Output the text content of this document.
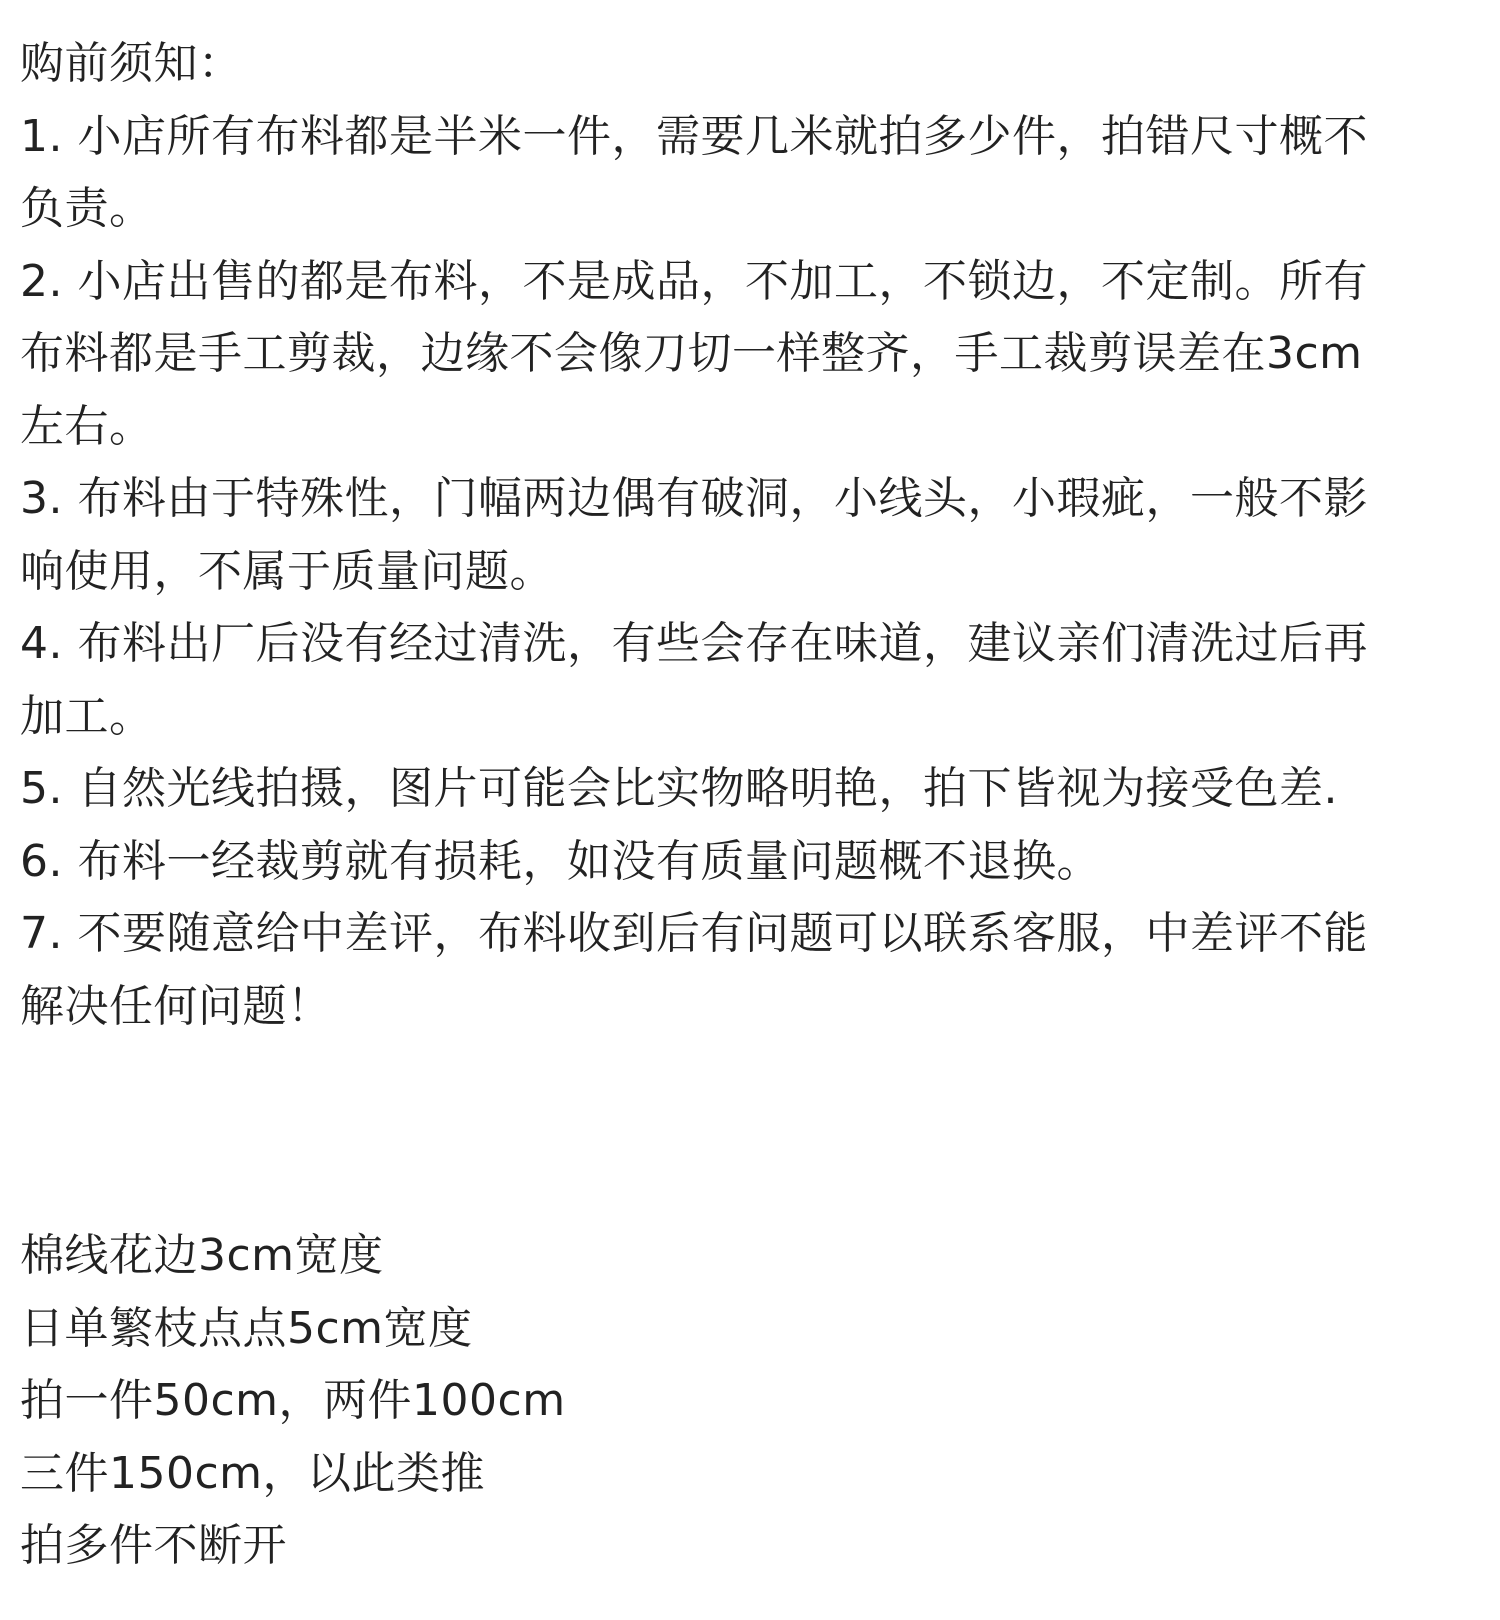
购前须知：
1. 小店所有布料都是半米一件，需要几米就拍多少件，拍错尺寸概不
负责。
2. 小店出售的都是布料，不是成品，不加工，不锁边，不定制。所有
布料都是手工剪裁，边缘不会像刀切一样整齐，手工裁剪误差在3cm
左右。
3. 布料由于特殊性，门幅两边偶有破洞，小线头，小瑕疵，一般不影
响使用，不属于质量问题。
4. 布料出厂后没有经过清洗，有些会存在味道，建议亲们清洗过后再
加工。
5. 自然光线拍摄，图片可能会比实物略明艳，拍下皆视为接受色差.
6. 布料一经裁剪就有损耗，如没有质量问题概不退换。
7. 不要随意给中差评，布料收到后有问题可以联系客服，中差评不能
解决任何问题！
棉线花边3cm宽度
日单繁枝点点5cm宽度
拍一件50cm，两件100cm
三件150cm，以此类推
拍多件不断开
